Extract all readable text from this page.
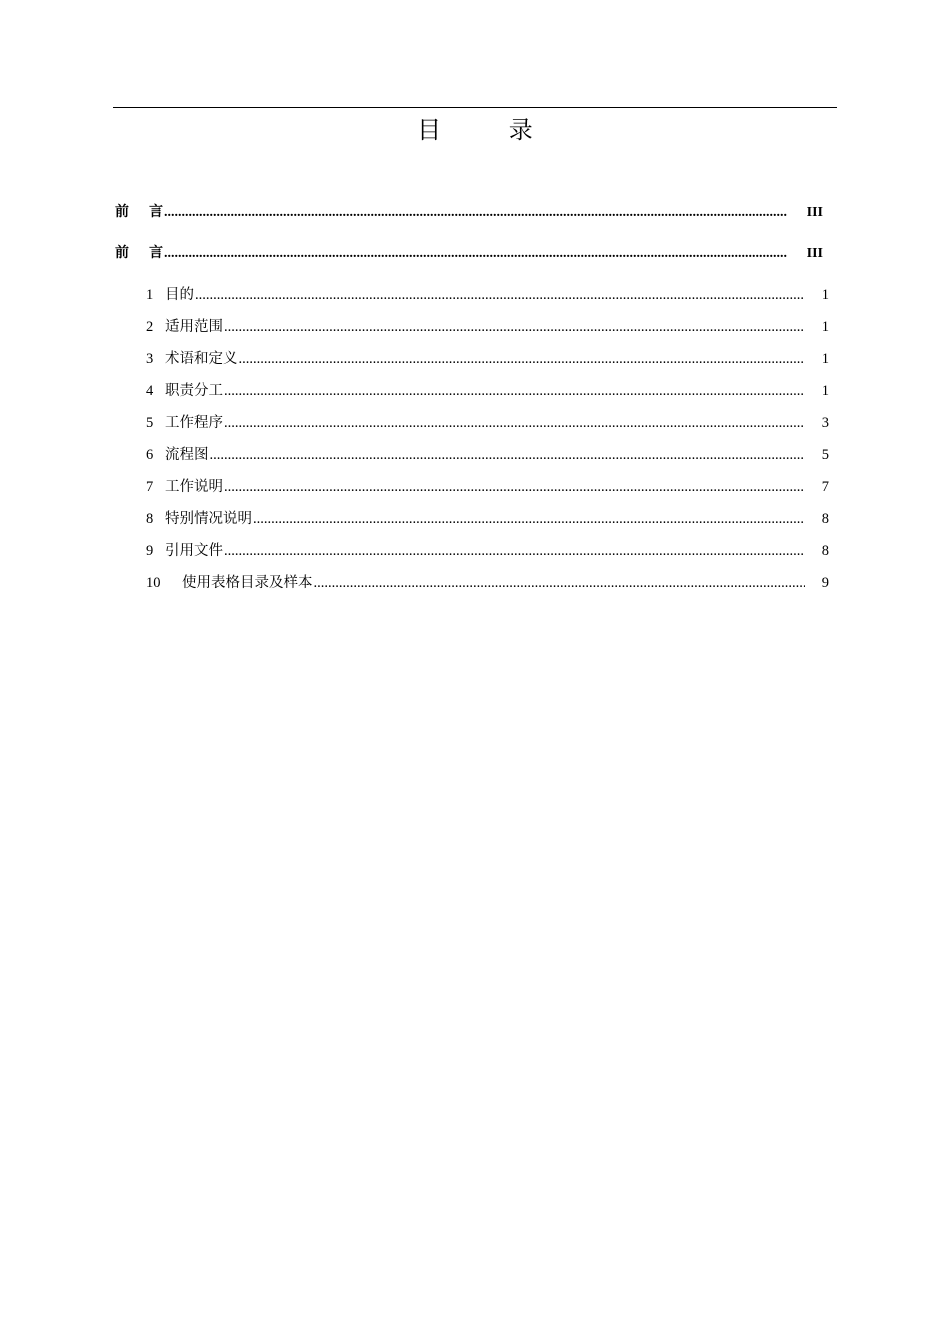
目 录
前言 .....	III
前言 .....	III
1 目的 .....	1
2 适用范围 .....	1
3 术语和定义 .....	1
4 职责分工 .....	1
5 工作程序 .....	3
6 流程图 .....	5
7 工作说明 .....	7
8 特别情况说明 .....	8
9 引用文件 .....	8
10	使用表格目录及样本 .....	9
